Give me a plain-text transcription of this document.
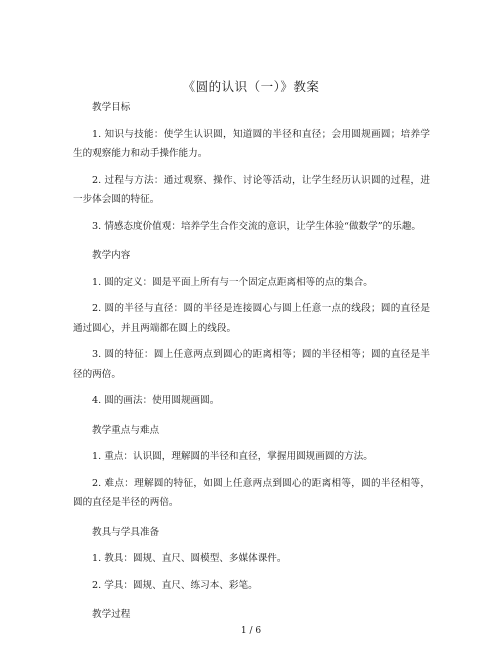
《圆的认识（一）》教案

教学目标

1. 知识与技能：使学生认识圆，知道圆的半径和直径；会用圆规画圆；培养学生的观察能力和动手操作能力。

2. 过程与方法：通过观察、操作、讨论等活动，让学生经历认识圆的过程，进一步体会圆的特征。

3. 情感态度价值观：培养学生合作交流的意识，让学生体验“做数学”的乐趣。

教学内容

1. 圆的定义：圆是平面上所有与一个固定点距离相等的点的集合。

2. 圆的半径与直径：圆的半径是连接圆心与圆上任意一点的线段；圆的直径是通过圆心，并且两端都在圆上的线段。

3. 圆的特征：圆上任意两点到圆心的距离相等；圆的半径相等；圆的直径是半径的两倍。

4. 圆的画法：使用圆规画圆。

教学重点与难点

1. 重点：认识圆，理解圆的半径和直径，掌握用圆规画圆的方法。

2. 难点：理解圆的特征，如圆上任意两点到圆心的距离相等，圆的半径相等，圆的直径是半径的两倍。

教具与学具准备

1. 教具：圆规、直尺、圆模型、多媒体课件。

2. 学具：圆规、直尺、练习本、彩笔。

教学过程

1 / 6
